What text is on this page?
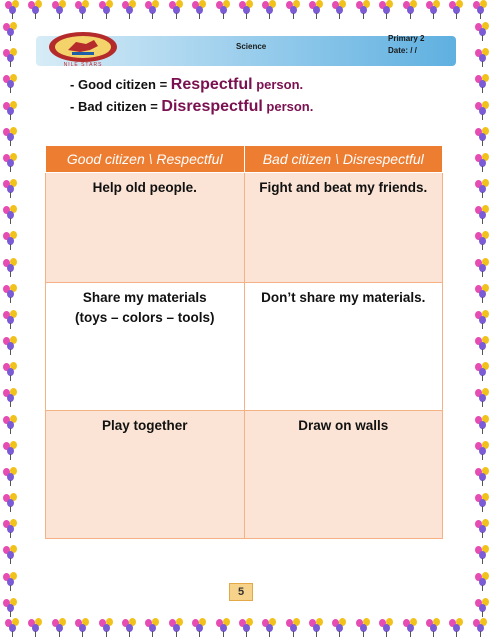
NILE STARS
Science
Primary 2
Date: / /
- Good citizen = Respectful person.
- Bad citizen = Disrespectful person.
Good citizen \ Respectful	Bad citizen \ Disrespectful
Help old people.	Fight and beat my friends.

Share my materials
(toys – colors – tools)	Don’t share my materials.
Play together	Draw on walls
5
